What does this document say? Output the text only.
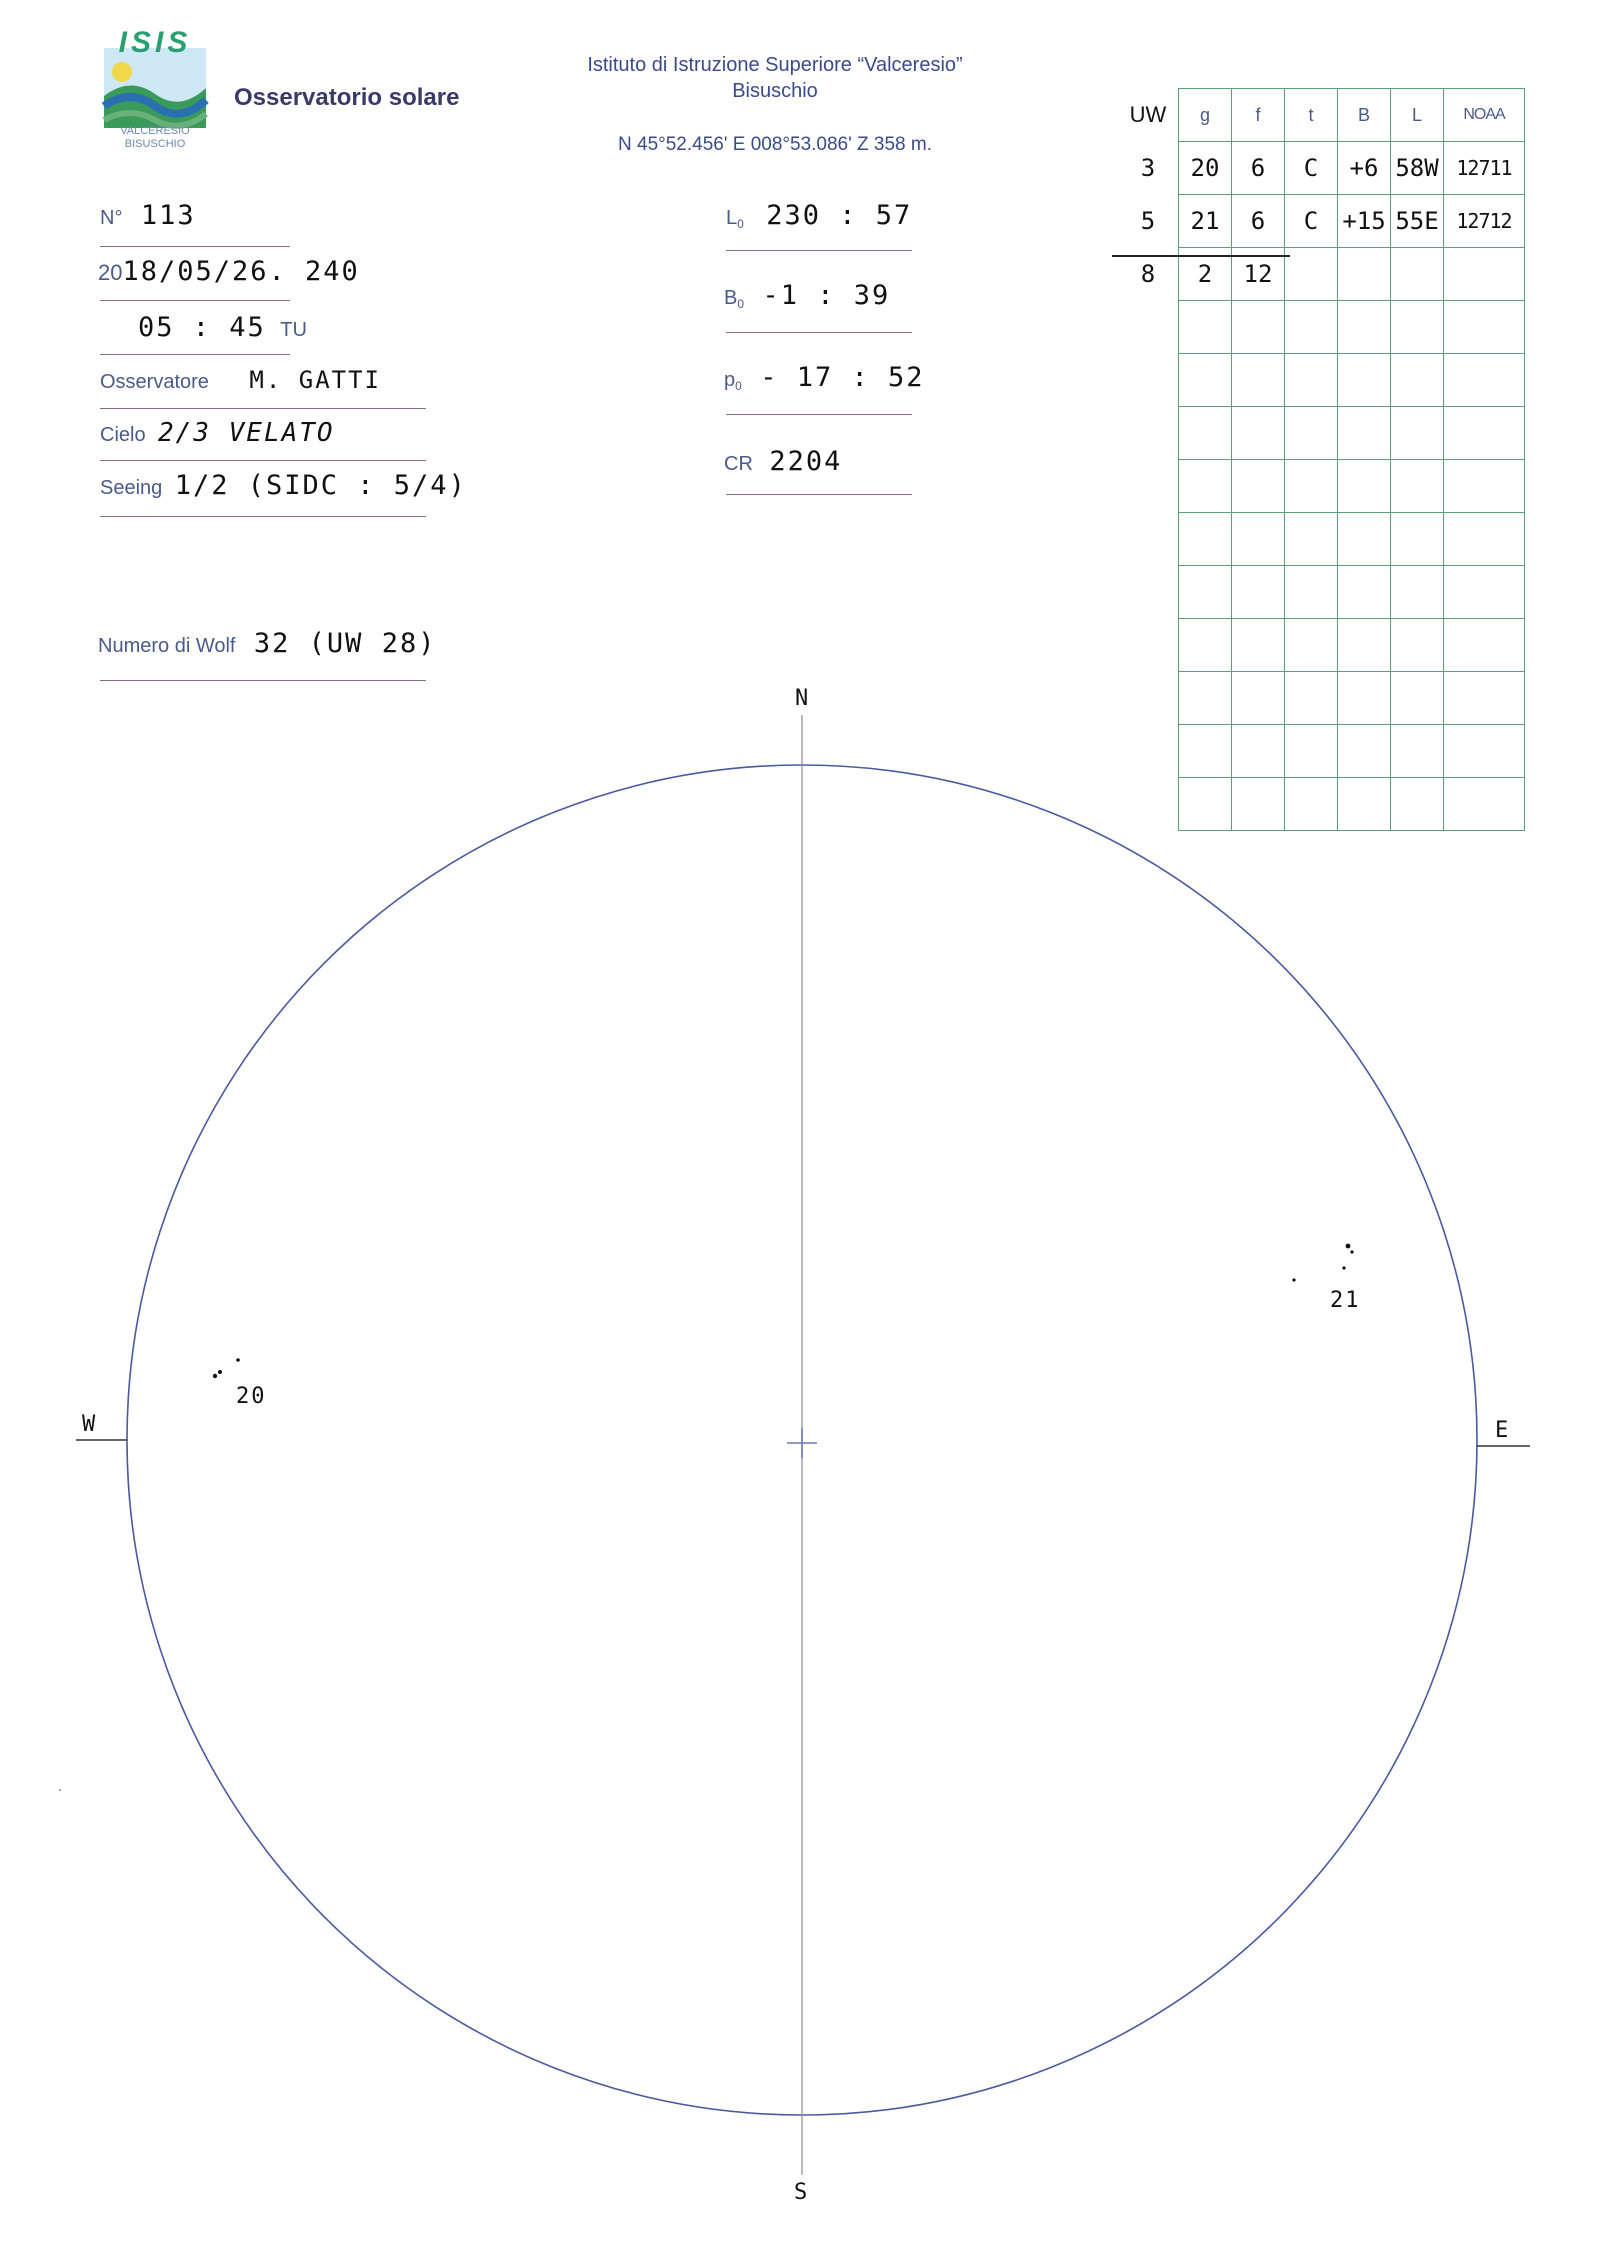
ISIS
VALCERESIO
BISUSCHIO
Osservatorio solare
Istituto di Istruzione Superiore “Valceresio”
Bisuschio
N 45°52.456' E 008°53.086' Z 358 m.
N° 113
2018/05/26. 240
05 : 45 TU
Osservatore M. GATTI
Cielo 2/3 VELATO
Seeing 1/2 (SIDC : 5/4)
Numero di Wolf 32 (UW 28)
$L_0$ 230 : 57
$B_0$ -1 : 39
$p_0 - 17$ : 52
CR 2204
UW	g	f	t	B	L	NOAA
3	20	6	C	+6	58W	12711
5	21	6	C	+15	55E	12712
8	2	12				

N
S
W	E
20
21
